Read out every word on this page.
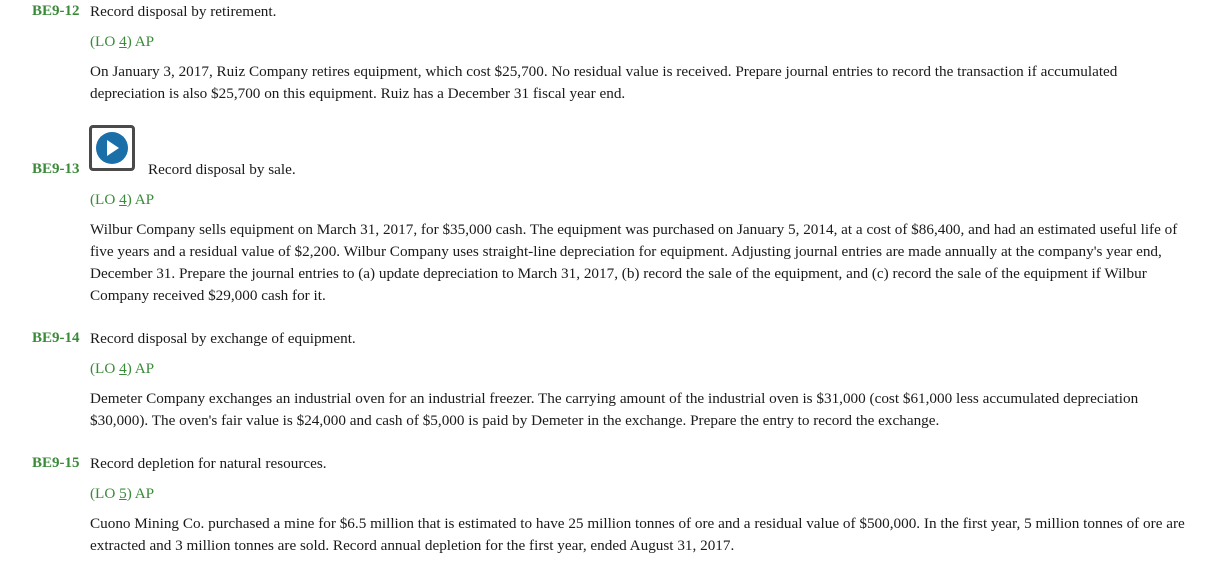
BE9-12 Record disposal by retirement.
(LO 4) AP
On January 3, 2017, Ruiz Company retires equipment, which cost $25,700. No residual value is received. Prepare journal entries to record the transaction if accumulated depreciation is also $25,700 on this equipment. Ruiz has a December 31 fiscal year end.
BE9-13	Record disposal by sale.
(LO 4) AP
Wilbur Company sells equipment on March 31, 2017, for $35,000 cash. The equipment was purchased on January 5, 2014, at a cost of $86,400, and had an estimated useful life of five years and a residual value of $2,200. Wilbur Company uses straight-line depreciation for equipment. Adjusting journal entries are made annually at the company's year end, December 31. Prepare the journal entries to (a) update depreciation to March 31, 2017, (b) record the sale of the equipment, and (c) record the sale of the equipment if Wilbur Company received $29,000 cash for it.
BE9-14 Record disposal by exchange of equipment.
(LO 4) AP
Demeter Company exchanges an industrial oven for an industrial freezer. The carrying amount of the industrial oven is $31,000 (cost $61,000 less accumulated depreciation $30,000). The oven's fair value is $24,000 and cash of $5,000 is paid by Demeter in the exchange. Prepare the entry to record the exchange.
BE9-15 Record depletion for natural resources.
(LO 5) AP
Cuono Mining Co. purchased a mine for $6.5 million that is estimated to have 25 million tonnes of ore and a residual value of $500,000. In the first year, 5 million tonnes of ore are extracted and 3 million tonnes are sold. Record annual depletion for the first year, ended August 31, 2017.
